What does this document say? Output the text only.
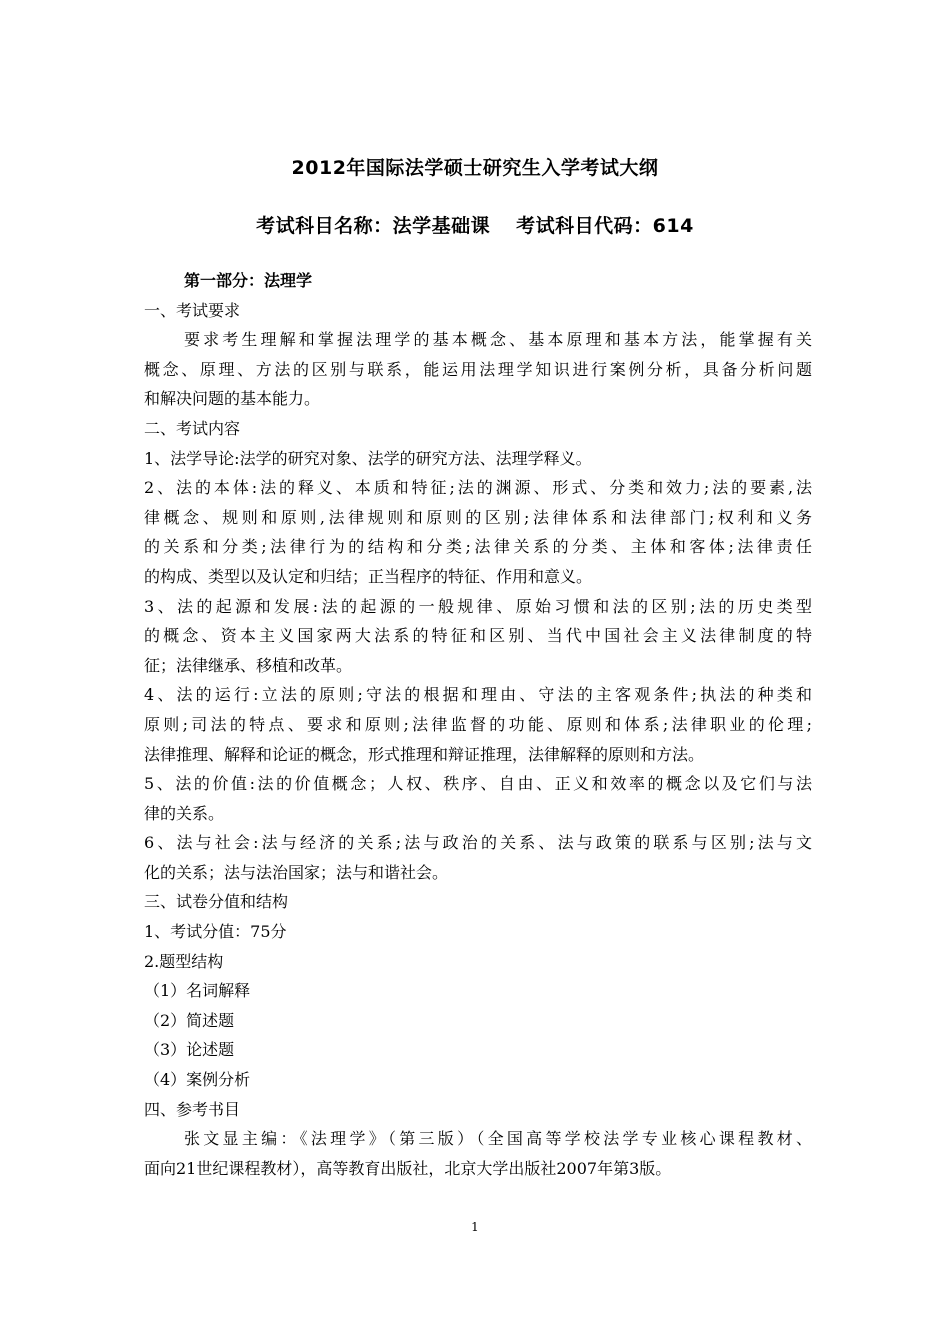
2012年国际法学硕士研究生入学考试大纲
考试科目名称：法学基础课 考试科目代码：614
第一部分：法理学
一、考试要求
要求考生理解和掌握法理学的基本概念、基本原理和基本方法，能掌握有关
概念、原理、方法的区别与联系，能运用法理学知识进行案例分析，具备分析问题
和解决问题的基本能力。
二、考试内容
1、法学导论:法学的研究对象、法学的研究方法、法理学释义。
2、法的本体:法的释义、本质和特征;法的渊源、形式、分类和效力;法的要素,法
律概念、规则和原则,法律规则和原则的区别;法律体系和法律部门;权利和义务
的关系和分类;法律行为的结构和分类;法律关系的分类、主体和客体;法律责任
的构成、类型以及认定和归结；正当程序的特征、作用和意义。
3、法的起源和发展:法的起源的一般规律、原始习惯和法的区别;法的历史类型
的概念、资本主义国家两大法系的特征和区别、当代中国社会主义法律制度的特
征；法律继承、移植和改革。
4、法的运行:立法的原则;守法的根据和理由、守法的主客观条件;执法的种类和
原则;司法的特点、要求和原则;法律监督的功能、原则和体系;法律职业的伦理;
法律推理、解释和论证的概念，形式推理和辩证推理，法律解释的原则和方法。
5、法的价值:法的价值概念；人权、秩序、自由、正义和效率的概念以及它们与法
律的关系。
6、法与社会:法与经济的关系;法与政治的关系、法与政策的联系与区别;法与文
化的关系；法与法治国家；法与和谐社会。
三、试卷分值和结构
1、考试分值：75分
2.题型结构
（1）名词解释
（2）简述题
（3）论述题
（4）案例分析
四、参考书目
张文显主编：《法理学》（第三版）（全国高等学校法学专业核心课程教材、
面向21世纪课程教材），高等教育出版社，北京大学出版社2007年第3版。
1
